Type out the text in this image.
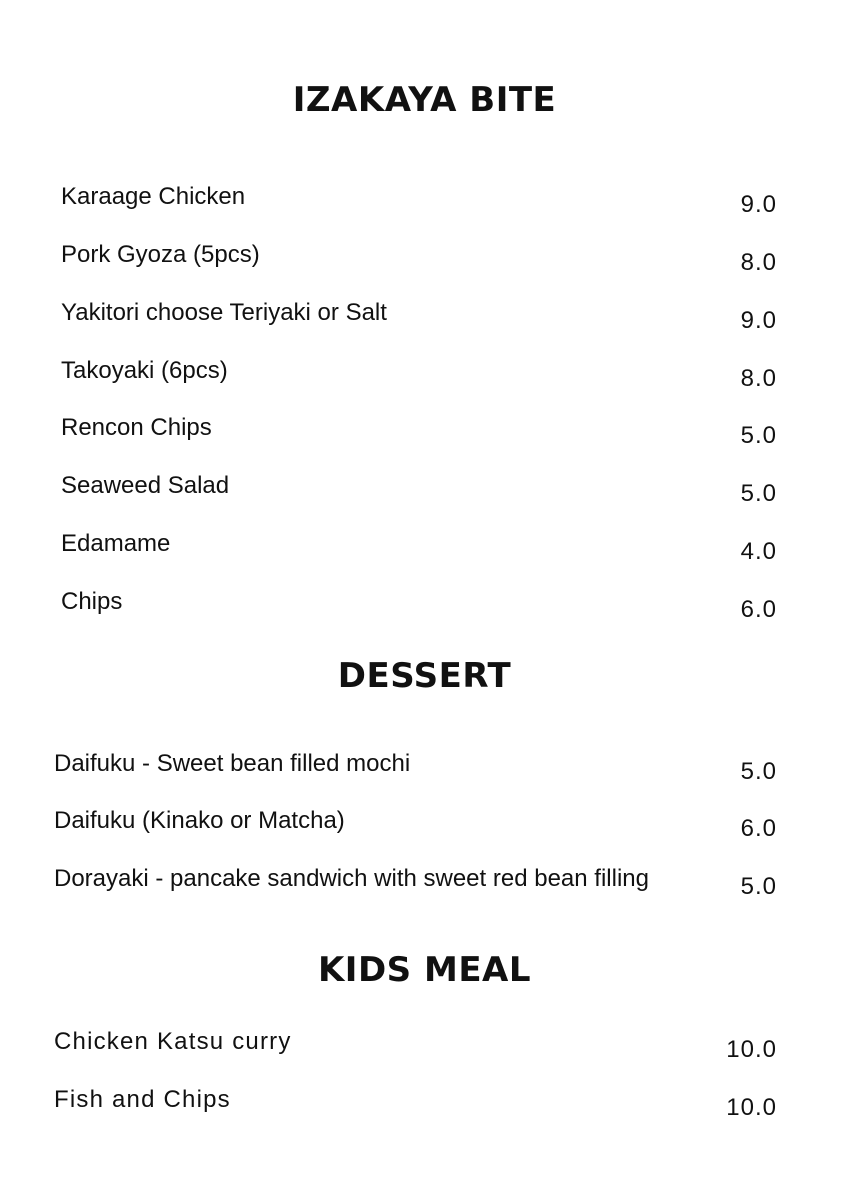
IZAKAYA BITE
Karaage Chicken	9.0
Pork Gyoza (5pcs)	8.0
Yakitori choose Teriyaki or Salt	9.0
Takoyaki (6pcs)	8.0
Rencon Chips	5.0
Seaweed Salad	5.0
Edamame	4.0
Chips	6.0
DESSERT
Daifuku - Sweet bean filled mochi	5.0
Daifuku (Kinako or Matcha)	6.0
Dorayaki - pancake sandwich with sweet red bean filling	5.0
KIDS MEAL
Chicken Katsu curry	10.0
Fish and Chips	10.0
